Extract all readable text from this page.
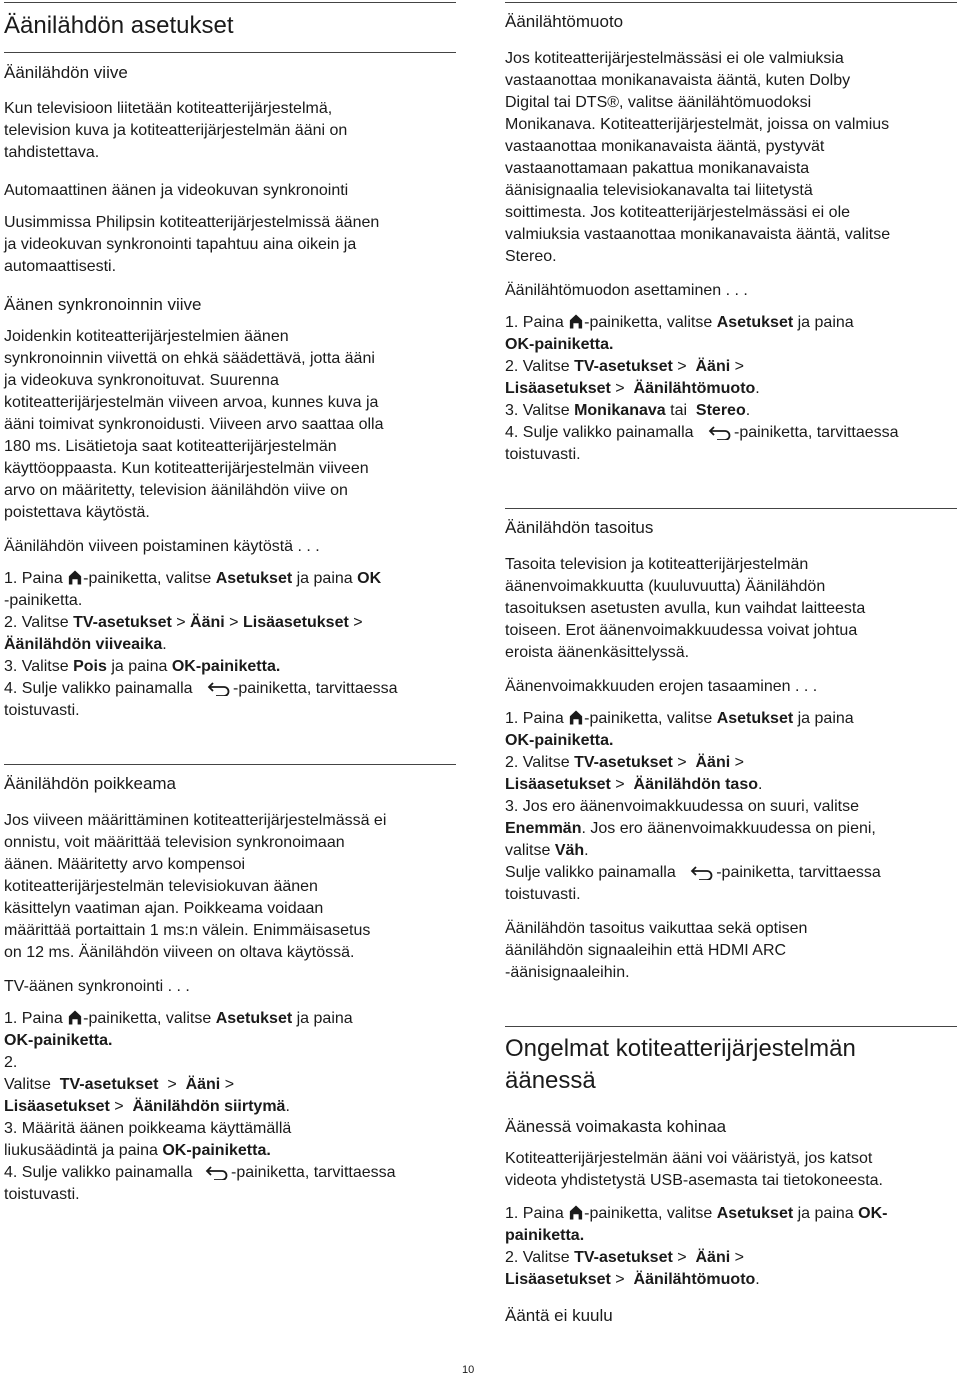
Äänilähdön asetukset
Äänilähdön viive
Kun televisioon liitetään kotiteatterijärjestelmä,
television kuva ja kotiteatterijärjestelmän ääni on
tahdistettava.
Automaattinen äänen ja videokuvan synkronointi
Uusimmissa Philipsin kotiteatterijärjestelmissä äänen
ja videokuvan synkronointi tapahtuu aina oikein ja
automaattisesti.
Äänen synkronoinnin viive
Joidenkin kotiteatterijärjestelmien äänen
synkronoinnin viivettä on ehkä säädettävä, jotta ääni
ja videokuva synkronoituvat. Suurenna
kotiteatterijärjestelmän viiveen arvoa, kunnes kuva ja
ääni toimivat synkronoidusti. Viiveen arvo saattaa olla
180 ms. Lisätietoja saat kotiteatterijärjestelmän
käyttöoppaasta. Kun kotiteatterijärjestelmän viiveen
arvo on määritetty, television äänilähdön viive on
poistettava käytöstä.
Äänilähdön viiveen poistaminen käytöstä . . .
1. Paina -painiketta, valitse Asetukset ja paina OK
-painiketta.
2. Valitse TV-asetukset > Ääni > Lisäasetukset >
Äänilähdön viiveaika.
3. Valitse Pois ja paina OK-painiketta.
4. Sulje valikko painamalla	-painiketta, tarvittaessa
toistuvasti.
Äänilähdön poikkeama
Jos viiveen määrittäminen kotiteatterijärjestelmässä ei
onnistu, voit määrittää television synkronoimaan
äänen. Määritetty arvo kompensoi
kotiteatterijärjestelmän televisiokuvan äänen
käsittelyn vaatiman ajan. Poikkeama voidaan
määrittää portaittain 1 ms:n välein. Enimmäisasetus
on 12 ms. Äänilähdön viiveen on oltava käytössä.
TV-äänen synkronointi . . .
1. Paina -painiketta, valitse Asetukset ja paina
OK-painiketta.
2.
Valitse TV-asetukset > Ääni >
Lisäasetukset > Äänilähdön siirtymä.
3. Määritä äänen poikkeama käyttämällä
liukusäädintä ja paina OK-painiketta.
4. Sulje valikko painamalla -painiketta, tarvittaessa
toistuvasti.
Äänilähtömuoto
Jos kotiteatterijärjestelmässäsi ei ole valmiuksia
vastaanottaa monikanavaista ääntä, kuten Dolby
Digital tai DTS®, valitse äänilähtömuodoksi
Monikanava. Kotiteatterijärjestelmät, joissa on valmius
vastaanottaa monikanavaista ääntä, pystyvät
vastaanottamaan pakattua monikanavaista
äänisignaalia televisiokanavalta tai liitetystä
soittimesta. Jos kotiteatterijärjestelmässäsi ei ole
valmiuksia vastaanottaa monikanavaista ääntä, valitse
Stereo.
Äänilähtömuodon asettaminen . . .
1. Paina -painiketta, valitse Asetukset ja paina
OK-painiketta.
2. Valitse TV-asetukset > Ääni >
Lisäasetukset > Äänilähtömuoto.
3. Valitse Monikanava tai Stereo.
4. Sulje valikko painamalla	-painiketta, tarvittaessa
toistuvasti.
Äänilähdön tasoitus
Tasoita television ja kotiteatterijärjestelmän
äänenvoimakkuutta (kuuluvuutta) Äänilähdön
tasoituksen asetusten avulla, kun vaihdat laitteesta
toiseen. Erot äänenvoimakkuudessa voivat johtua
eroista äänenkäsittelyssä.
Äänenvoimakkuuden erojen tasaaminen . . .
1. Paina -painiketta, valitse Asetukset ja paina
OK-painiketta.
2. Valitse TV-asetukset > Ääni >
Lisäasetukset > Äänilähdön taso.
3. Jos ero äänenvoimakkuudessa on suuri, valitse
Enemmän. Jos ero äänenvoimakkuudessa on pieni,
valitse Väh.
Sulje valikko painamalla	-painiketta, tarvittaessa
toistuvasti.
Äänilähdön tasoitus vaikuttaa sekä optisen
äänilähdön signaaleihin että HDMI ARC
-äänisignaaleihin.
Ongelmat kotiteatterijärjestelmän
äänessä
Äänessä voimakasta kohinaa
Kotiteatterijärjestelmän ääni voi vääristyä, jos katsot
videota yhdistetystä USB-asemasta tai tietokoneesta.
1. Paina -painiketta, valitse Asetukset ja paina OK-
painiketta.
2. Valitse TV-asetukset > Ääni >
Lisäasetukset > Äänilähtömuoto.
Ääntä ei kuulu
10
